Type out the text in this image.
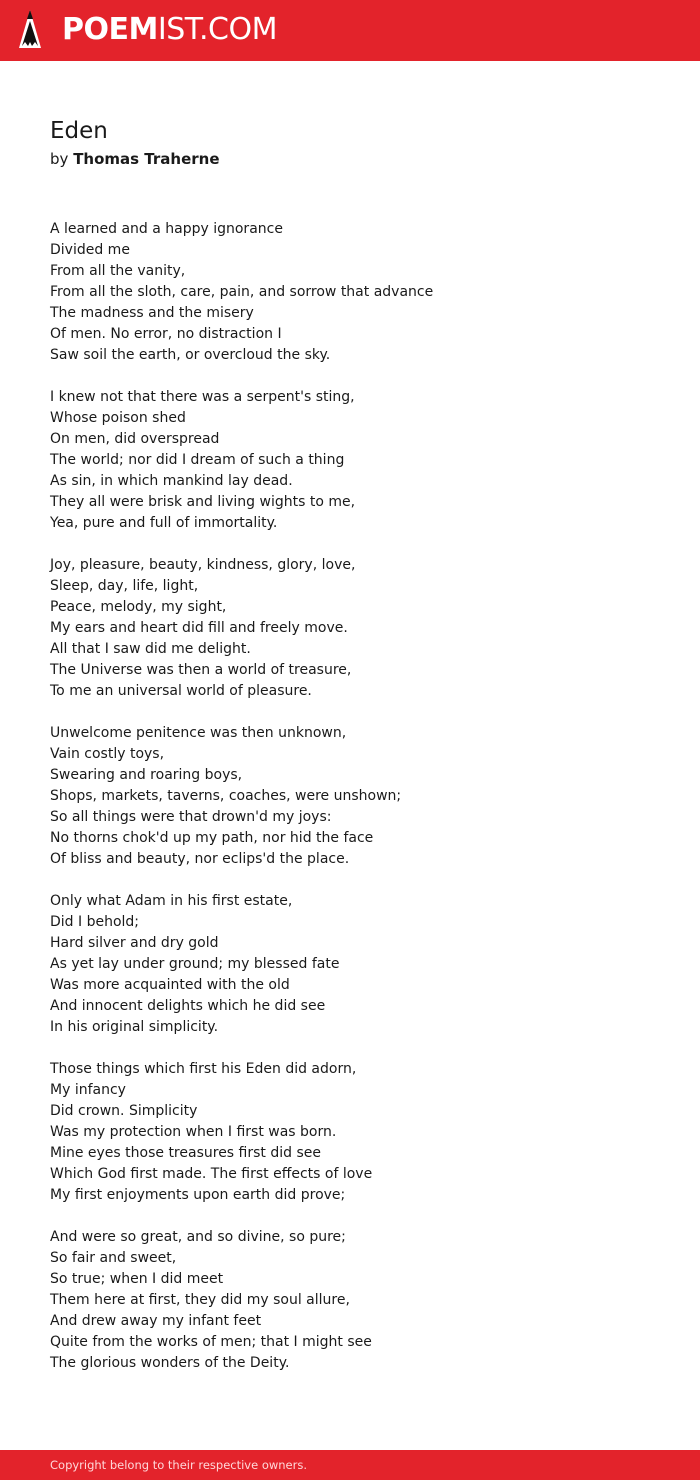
POEMIST.COM
Eden
by Thomas Traherne
A learned and a happy ignorance
Divided me
From all the vanity,
From all the sloth, care, pain, and sorrow that advance
The madness and the misery
Of men. No error, no distraction I
Saw soil the earth, or overcloud the sky.
I knew not that there was a serpent's sting,
Whose poison shed
On men, did overspread
The world; nor did I dream of such a thing
As sin, in which mankind lay dead.
They all were brisk and living wights to me,
Yea, pure and full of immortality.
Joy, pleasure, beauty, kindness, glory, love,
Sleep, day, life, light,
Peace, melody, my sight,
My ears and heart did fill and freely move.
All that I saw did me delight.
The Universe was then a world of treasure,
To me an universal world of pleasure.
Unwelcome penitence was then unknown,
Vain costly toys,
Swearing and roaring boys,
Shops, markets, taverns, coaches, were unshown;
So all things were that drown'd my joys:
No thorns chok'd up my path, nor hid the face
Of bliss and beauty, nor eclips'd the place.
Only what Adam in his first estate,
Did I behold;
Hard silver and dry gold
As yet lay under ground; my blessed fate
Was more acquainted with the old
And innocent delights which he did see
In his original simplicity.
Those things which first his Eden did adorn,
My infancy
Did crown. Simplicity
Was my protection when I first was born.
Mine eyes those treasures first did see
Which God first made. The first effects of love
My first enjoyments upon earth did prove;
And were so great, and so divine, so pure;
So fair and sweet,
So true; when I did meet
Them here at first, they did my soul allure,
And drew away my infant feet
Quite from the works of men; that I might see
The glorious wonders of the Deity.
Copyright belong to their respective owners.
